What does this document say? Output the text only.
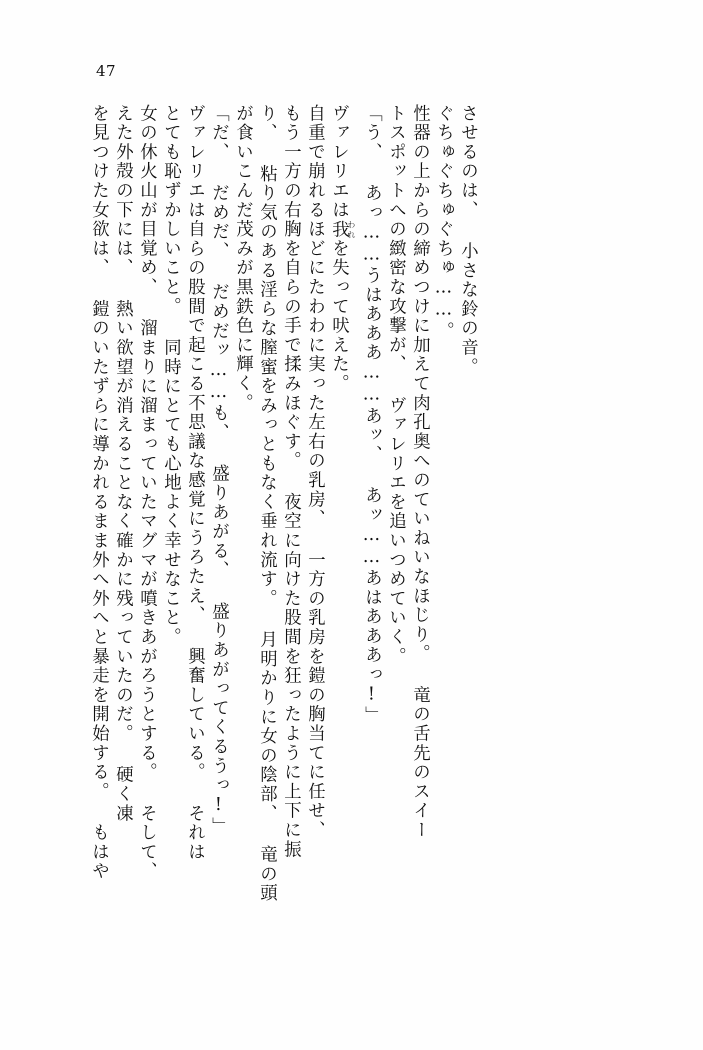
47
を見つけた女欲は、 鎧のいたずらに導かれるまま外へ外へと暴走を開始する。 もはや えた外殻の下には、 熱い欲望が消えることなく確かに残っていたのだ。 硬く凍 女の休火山が目覚め、 溜まりに溜まっていたマグマが噴きあがろうとする。 そして、 とても恥ずかしいこと。 同時にとても心地よく幸せなこと。 ヴァレリエは自らの股間で起こる不思議な感覚にうろたえ、 興奮している。 それは 「だ、 だめだ、 だめだッ……も、 盛りあがる、 盛りあがってくるうっ!」 が食いこんだ茂みが黒鉄色に輝く。 り、 粘り気のある淫らな膣蜜をみっともなく垂れ流す。 月明かりに女の陰部、 竜の頭 もう一方の右胸を自らの手で揉みほぐす。 夜空に向けた股間を狂ったように上下に振 自重で崩れるほどにたわわに実った左右の乳房、 一方の乳房を鎧の胸当てに任せ、 ヴァレリエは我われを失って吠えた。 「う、 あっ……うはあああ……あッ、 あッ……あはあああっ!」 トスポットへの緻密な攻撃が、 ヴァレリエを追いつめていく。 性器の上からの締めつけに加えて肉孔奥へのていねいなほじり。 竜の舌先のスイー ぐちゅぐちゅぐちゅ……。 させるのは、 小さな鈴の音。
